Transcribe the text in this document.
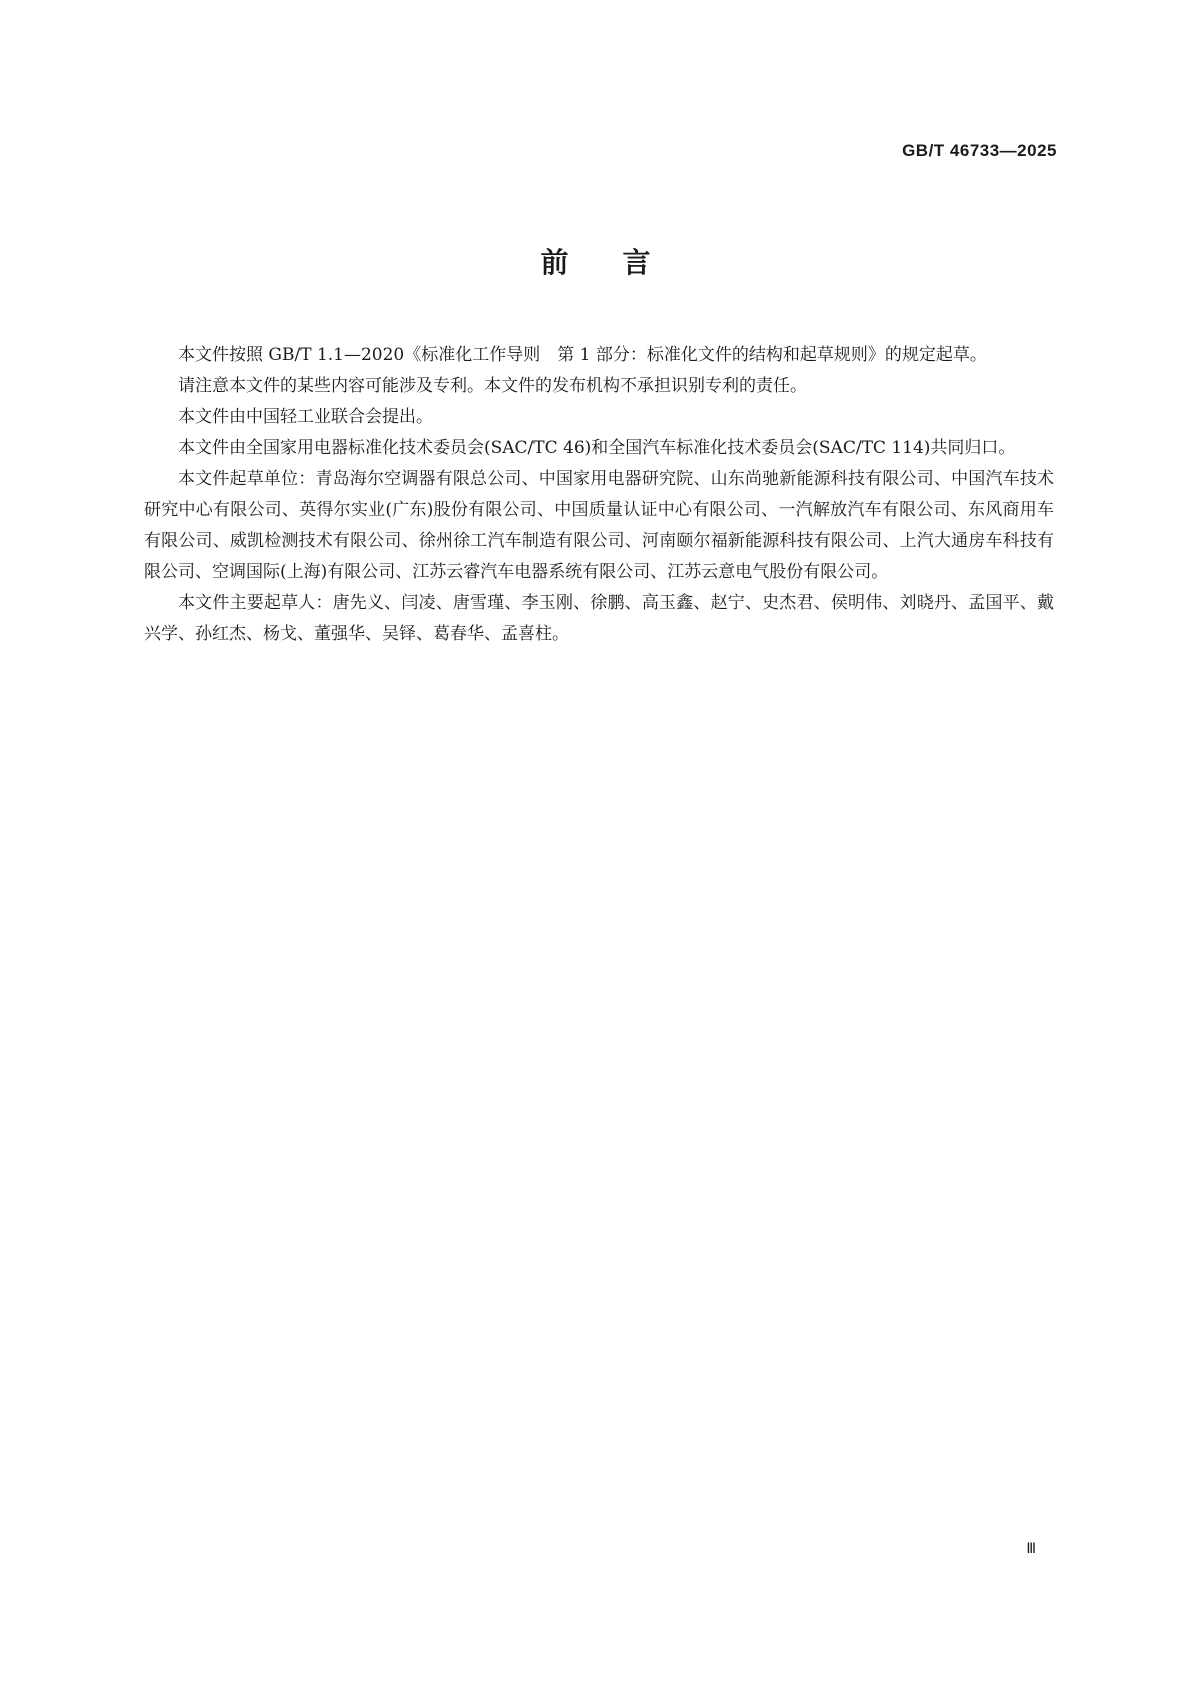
GB/T 46733—2025
前言

本文件按照 GB/T 1.1—2020《标准化工作导则　第 1 部分：标准化文件的结构和起草规则》的规定起草。

请注意本文件的某些内容可能涉及专利。本文件的发布机构不承担识别专利的责任。

本文件由中国轻工业联合会提出。

本文件由全国家用电器标准化技术委员会(SAC/TC 46)和全国汽车标准化技术委员会(SAC/TC 114)共同归口。

本文件起草单位：青岛海尔空调器有限总公司、中国家用电器研究院、山东尚驰新能源科技有限公司、中国汽车技术研究中心有限公司、英得尔实业(广东)股份有限公司、中国质量认证中心有限公司、一汽解放汽车有限公司、东风商用车有限公司、威凯检测技术有限公司、徐州徐工汽车制造有限公司、河南颐尔福新能源科技有限公司、上汽大通房车科技有限公司、空调国际(上海)有限公司、江苏云睿汽车电器系统有限公司、江苏云意电气股份有限公司。

本文件主要起草人：唐先义、闫凌、唐雪瑾、李玉刚、徐鹏、高玉鑫、赵宁、史杰君、侯明伟、刘晓丹、孟国平、戴兴学、孙红杰、杨戈、董强华、吴铎、葛春华、孟喜柱。

Ⅲ
